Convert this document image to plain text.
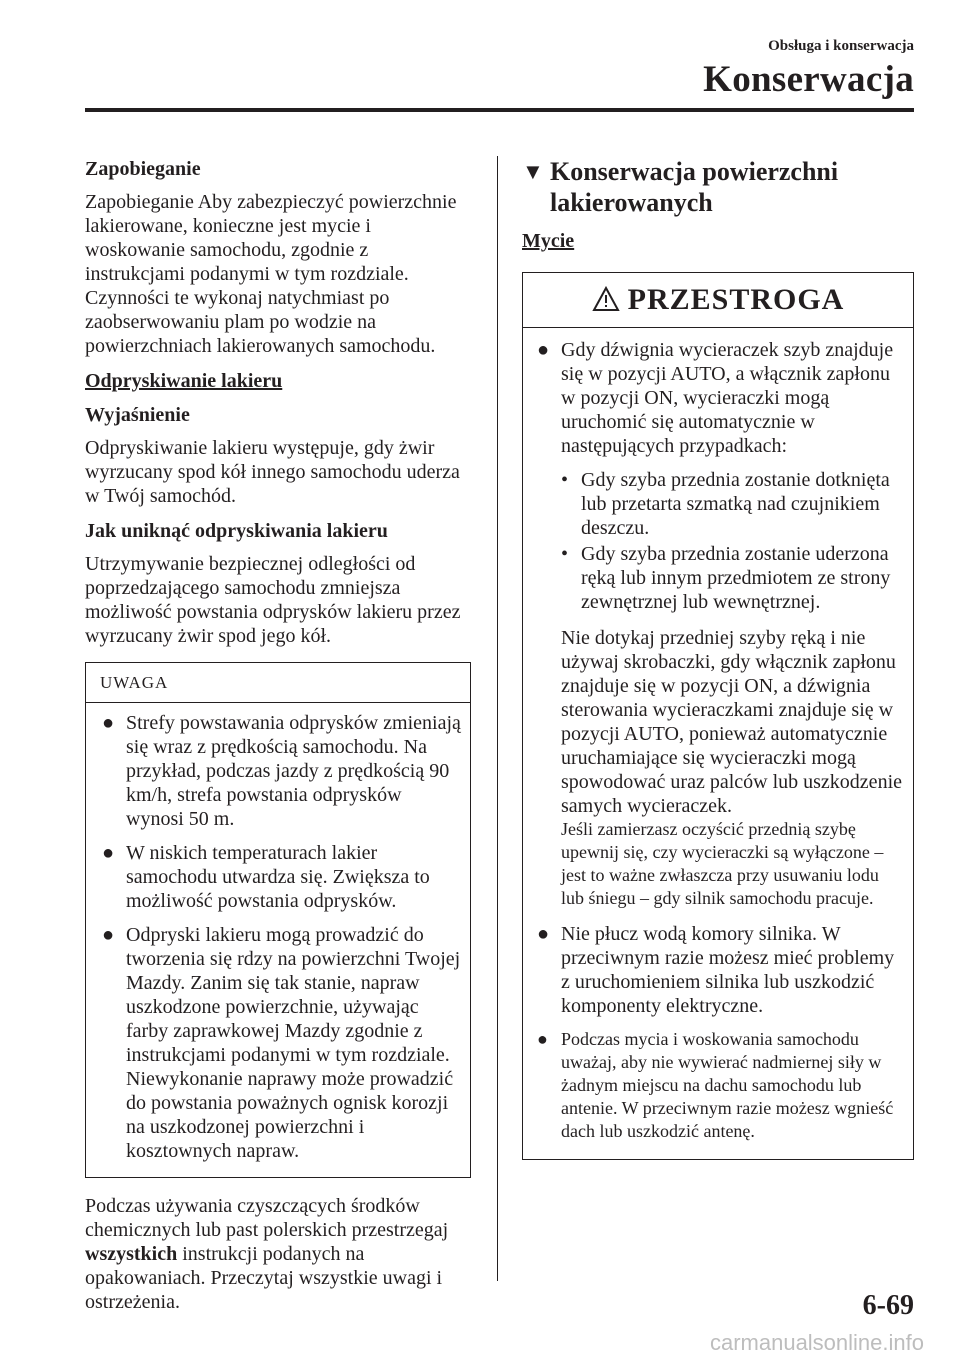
Obsługa i konserwacja
Konserwacja
Zapobieganie

Zapobieganie Aby zabezpieczyć powierzchnie lakierowane, konieczne jest mycie i woskowanie samochodu, zgodnie z instrukcjami podanymi w tym rozdziale. Czynności te wykonaj natychmiast po zaobserwowaniu plam po wodzie na powierzchniach lakierowanych samochodu.

Odpryskiwanie lakieru
Wyjaśnienie

Odpryskiwanie lakieru występuje, gdy żwir wyrzucany spod kół innego samochodu uderza w Twój samochód.

Jak uniknąć odpryskiwania lakieru

Utrzymywanie bezpiecznej odległości od poprzedzającego samochodu zmniejsza możliwość powstania odprysków lakieru przez wyrzucany żwir spod jego kół.

UWAGA
● Strefy powstawania odprysków zmieniają się wraz z prędkością samochodu. Na przykład, podczas jazdy z prędkością 90 km/h, strefa powstania odprysków wynosi 50 m.
● W niskich temperaturach lakier samochodu utwardza się. Zwiększa to możliwość powstania odprysków.
● Odpryski lakieru mogą prowadzić do tworzenia się rdzy na powierzchni Twojej Mazdy. Zanim się tak stanie, napraw uszkodzone powierzchnie, używając farby zaprawkowej Mazdy zgodnie z instrukcjami podanymi w tym rozdziale.
Niewykonanie naprawy może prowadzić do powstania poważnych ognisk korozji na uszkodzonej powierzchni i kosztownych napraw.

Podczas używania czyszczących środków chemicznych lub past polerskich przestrzegaj wszystkich instrukcji podanych na opakowaniach. Przeczytaj wszystkie uwagi i ostrzeżenia.

▼ Konserwacja powierzchni lakierowanych
Mycie
PRZESTROGA
● Gdy dźwignia wycieraczek szyb znajduje się w pozycji AUTO, a włącznik zapłonu w pozycji ON, wycieraczki mogą uruchomić się automatycznie w następujących przypadkach:
• Gdy szyba przednia zostanie dotknięta lub przetarta szmatką nad czujnikiem deszczu.
• Gdy szyba przednia zostanie uderzona ręką lub innym przedmiotem ze strony zewnętrznej lub wewnętrznej.
Nie dotykaj przedniej szyby ręką i nie używaj skrobaczki, gdy włącznik zapłonu znajduje się w pozycji ON, a dźwignia sterowania wycieraczkami znajduje się w pozycji AUTO, ponieważ automatycznie uruchamiające się wycieraczki mogą spowodować uraz palców lub uszkodzenie samych wycieraczek.
Jeśli zamierzasz oczyścić przednią szybę upewnij się, czy wycieraczki są wyłączone – jest to ważne zwłaszcza przy usuwaniu lodu lub śniegu – gdy silnik samochodu pracuje.
● Nie płucz wodą komory silnika. W przeciwnym razie możesz mieć problemy z uruchomieniem silnika lub uszkodzić komponenty elektryczne.
● Podczas mycia i woskowania samochodu uważaj, aby nie wywierać nadmiernej siły w żadnym miejscu na dachu samochodu lub antenie. W przeciwnym razie możesz wgnieść dach lub uszkodzić antenę.
6-69
carmanualsonline.info
